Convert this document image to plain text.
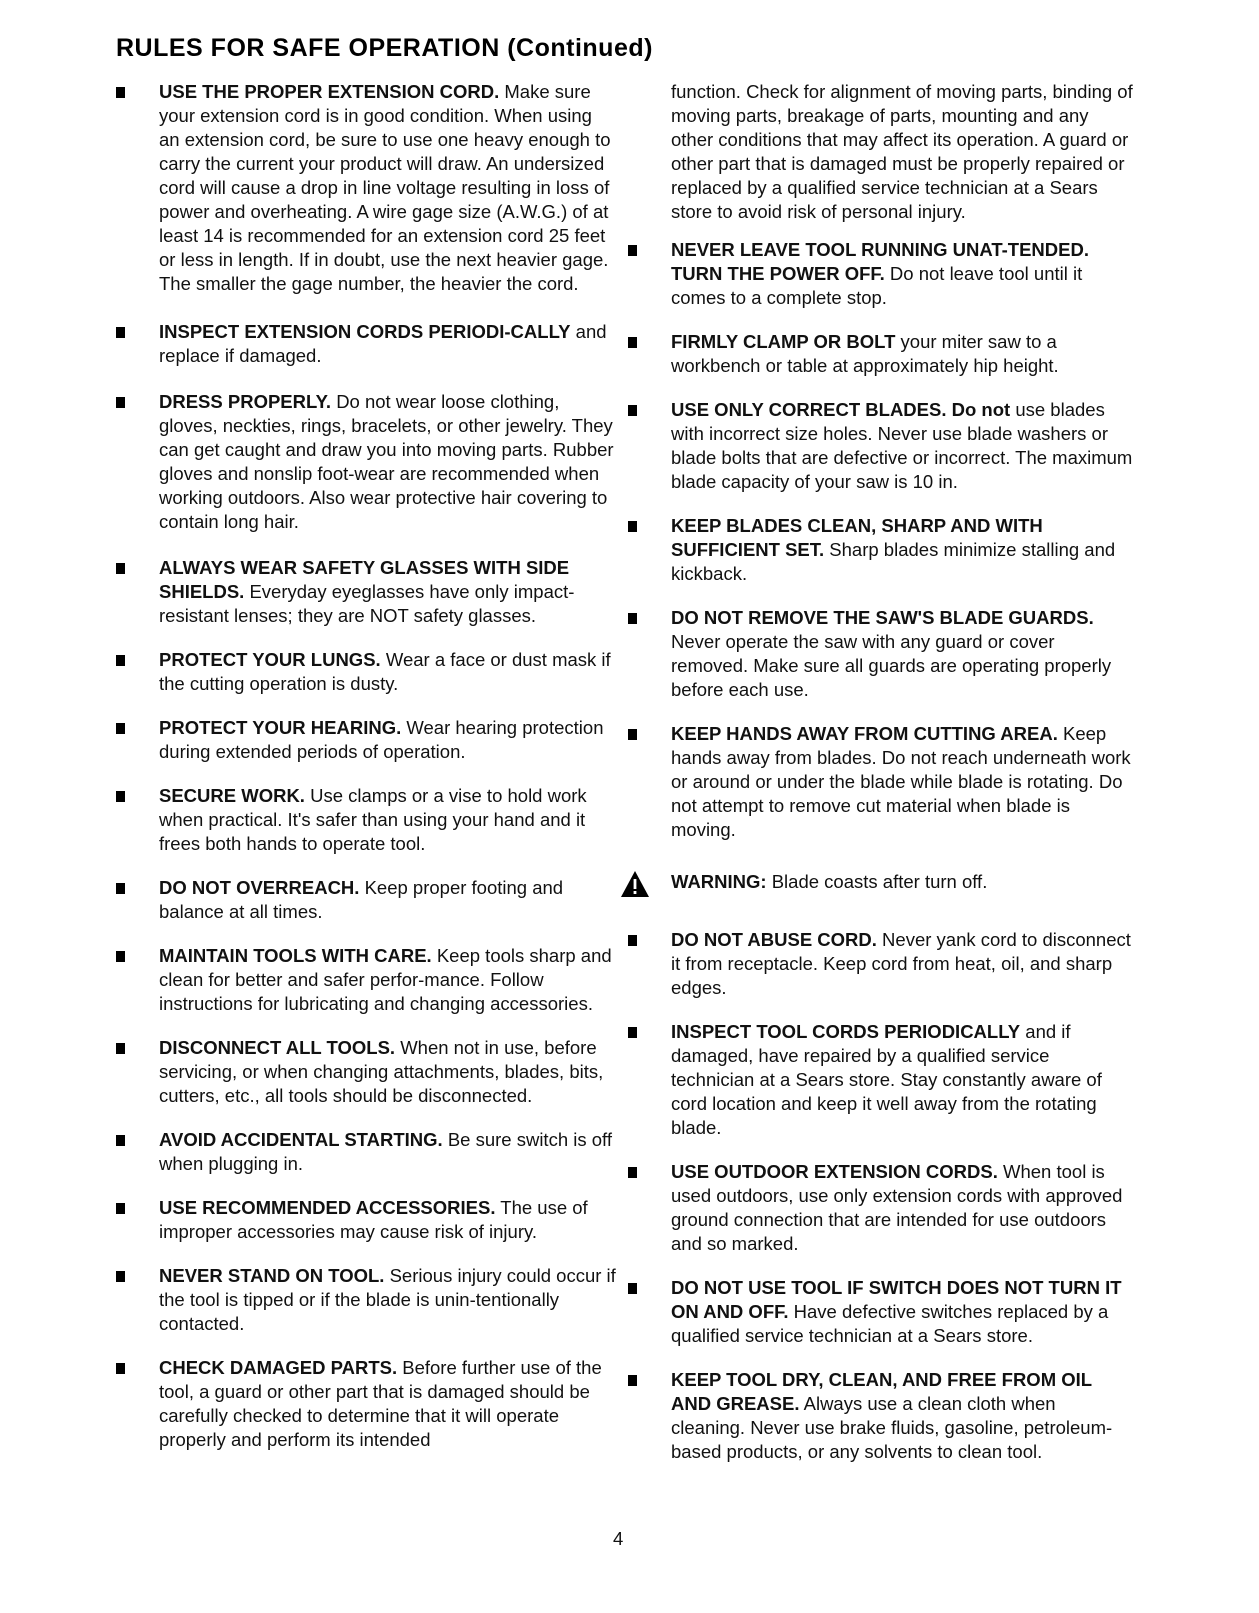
RULES FOR SAFE OPERATION (Continued)
USE THE PROPER EXTENSION CORD. Make sure your extension cord is in good condition. When using an extension cord, be sure to use one heavy enough to carry the current your product will draw. An undersized cord will cause a drop in line voltage resulting in loss of power and overheating. A wire gage size (A.W.G.) of at least 14 is recommended for an extension cord 25 feet or less in length. If in doubt, use the next heavier gage. The smaller the gage number, the heavier the cord.
INSPECT EXTENSION CORDS PERIODI-CALLY and replace if damaged.
DRESS PROPERLY. Do not wear loose clothing, gloves, neckties, rings, bracelets, or other jewelry. They can get caught and draw you into moving parts. Rubber gloves and nonslip foot-wear are recommended when working outdoors. Also wear protective hair covering to contain long hair.
ALWAYS WEAR SAFETY GLASSES WITH SIDE SHIELDS. Everyday eyeglasses have only impact-resistant lenses; they are NOT safety glasses.
PROTECT YOUR LUNGS. Wear a face or dust mask if the cutting operation is dusty.
PROTECT YOUR HEARING. Wear hearing protection during extended periods of operation.
SECURE WORK. Use clamps or a vise to hold work when practical. It's safer than using your hand and it frees both hands to operate tool.
DO NOT OVERREACH. Keep proper footing and balance at all times.
MAINTAIN TOOLS WITH CARE. Keep tools sharp and clean for better and safer perfor-mance. Follow instructions for lubricating and changing accessories.
DISCONNECT ALL TOOLS. When not in use, before servicing, or when changing attachments, blades, bits, cutters, etc., all tools should be disconnected.
AVOID ACCIDENTAL STARTING. Be sure switch is off when plugging in.
USE RECOMMENDED ACCESSORIES. The use of improper accessories may cause risk of injury.
NEVER STAND ON TOOL. Serious injury could occur if the tool is tipped or if the blade is unin-tentionally contacted.
CHECK DAMAGED PARTS. Before further use of the tool, a guard or other part that is damaged should be carefully checked to determine that it will operate properly and perform its intended
function. Check for alignment of moving parts, binding of moving parts, breakage of parts, mounting and any other conditions that may affect its operation. A guard or other part that is damaged must be properly repaired or replaced by a qualified service technician at a Sears store to avoid risk of personal injury.
NEVER LEAVE TOOL RUNNING UNAT-TENDED. TURN THE POWER OFF. Do not leave tool until it comes to a complete stop.
FIRMLY CLAMP OR BOLT your miter saw to a workbench or table at approximately hip height.
USE ONLY CORRECT BLADES. Do not use blades with incorrect size holes. Never use blade washers or blade bolts that are defective or incorrect. The maximum blade capacity of your saw is 10 in.
KEEP BLADES CLEAN, SHARP AND WITH SUFFICIENT SET. Sharp blades minimize stalling and kickback.
DO NOT REMOVE THE SAW'S BLADE GUARDS. Never operate the saw with any guard or cover removed. Make sure all guards are operating properly before each use.
KEEP HANDS AWAY FROM CUTTING AREA. Keep hands away from blades. Do not reach underneath work or around or under the blade while blade is rotating. Do not attempt to remove cut material when blade is moving.
WARNING: Blade coasts after turn off.
DO NOT ABUSE CORD. Never yank cord to disconnect it from receptacle. Keep cord from heat, oil, and sharp edges.
INSPECT TOOL CORDS PERIODICALLY and if damaged, have repaired by a qualified service technician at a Sears store. Stay constantly aware of cord location and keep it well away from the rotating blade.
USE OUTDOOR EXTENSION CORDS. When tool is used outdoors, use only extension cords with approved ground connection that are intended for use outdoors and so marked.
DO NOT USE TOOL IF SWITCH DOES NOT TURN IT ON AND OFF. Have defective switches replaced by a qualified service technician at a Sears store.
KEEP TOOL DRY, CLEAN, AND FREE FROM OIL AND GREASE. Always use a clean cloth when cleaning. Never use brake fluids, gasoline, petroleum-based products, or any solvents to clean tool.
4
